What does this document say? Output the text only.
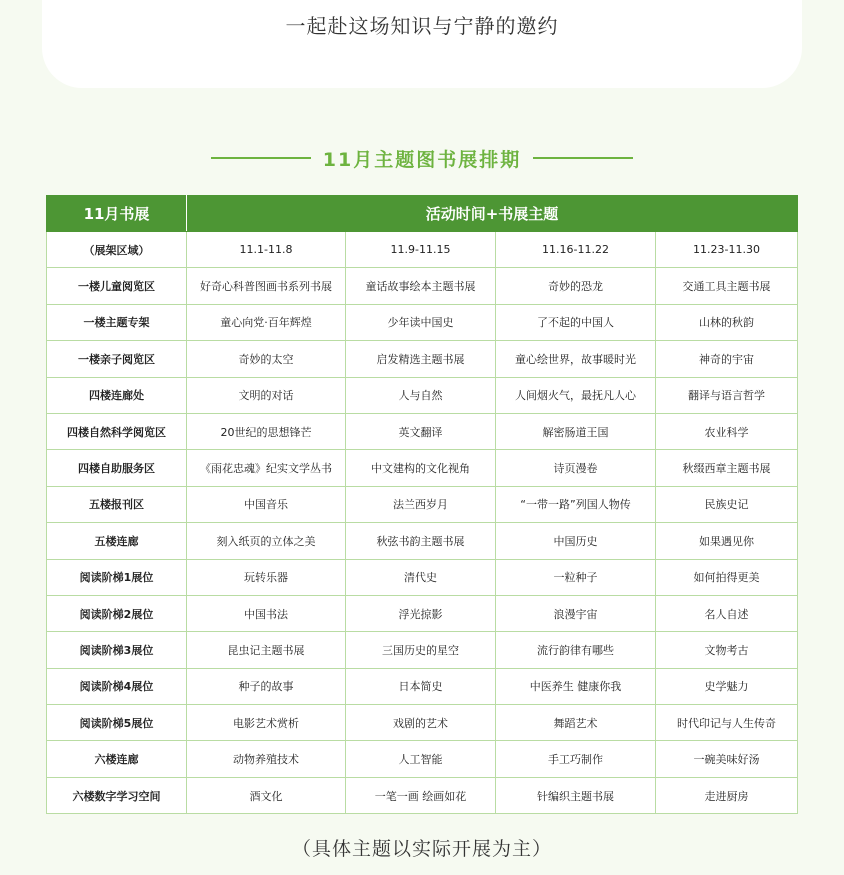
一起赴这场知识与宁静的邀约
11月主题图书展排期
11月书展	活动时间+书展主题			
（展架区域）	11.1-11.8	11.9-11.15	11.16-11.22	11.23-11.30
一楼儿童阅览区	好奇心科普图画书系列书展	童话故事绘本主题书展	奇妙的恐龙	交通工具主题书展
一楼主题专架	童心向党·百年辉煌	少年读中国史	了不起的中国人	山林的秋韵
一楼亲子阅览区	奇妙的太空	启发精选主题书展	童心绘世界，故事暖时光	神奇的宇宙
四楼连廊处	文明的对话	人与自然	人间烟火气，最抚凡人心	翻译与语言哲学
四楼自然科学阅览区	20世纪的思想锋芒	英文翻译	解密肠道王国	农业科学
四楼自助服务区	《雨花忠魂》纪实文学丛书	中文建构的文化视角	诗页漫卷	秋缀西章主题书展
五楼报刊区	中国音乐	法兰西岁月	“一带一路”列国人物传	民族史记
五楼连廊	刻入纸页的立体之美	秋弦书韵主题书展	中国历史	如果遇见你
阅读阶梯1展位	玩转乐器	清代史	一粒种子	如何拍得更美
阅读阶梯2展位	中国书法	浮光掠影	浪漫宇宙	名人自述
阅读阶梯3展位	昆虫记主题书展	三国历史的星空	流行韵律有哪些	文物考古
阅读阶梯4展位	种子的故事	日本简史	中医养生 健康你我	史学魅力
阅读阶梯5展位	电影艺术赏析	戏剧的艺术	舞蹈艺术	时代印记与人生传奇
六楼连廊	动物养殖技术	人工智能	手工巧制作	一碗美味好汤
六楼数字学习空间	酒文化	一笔一画 绘画如花	针编织主题书展	走进厨房
（具体主题以实际开展为主）
